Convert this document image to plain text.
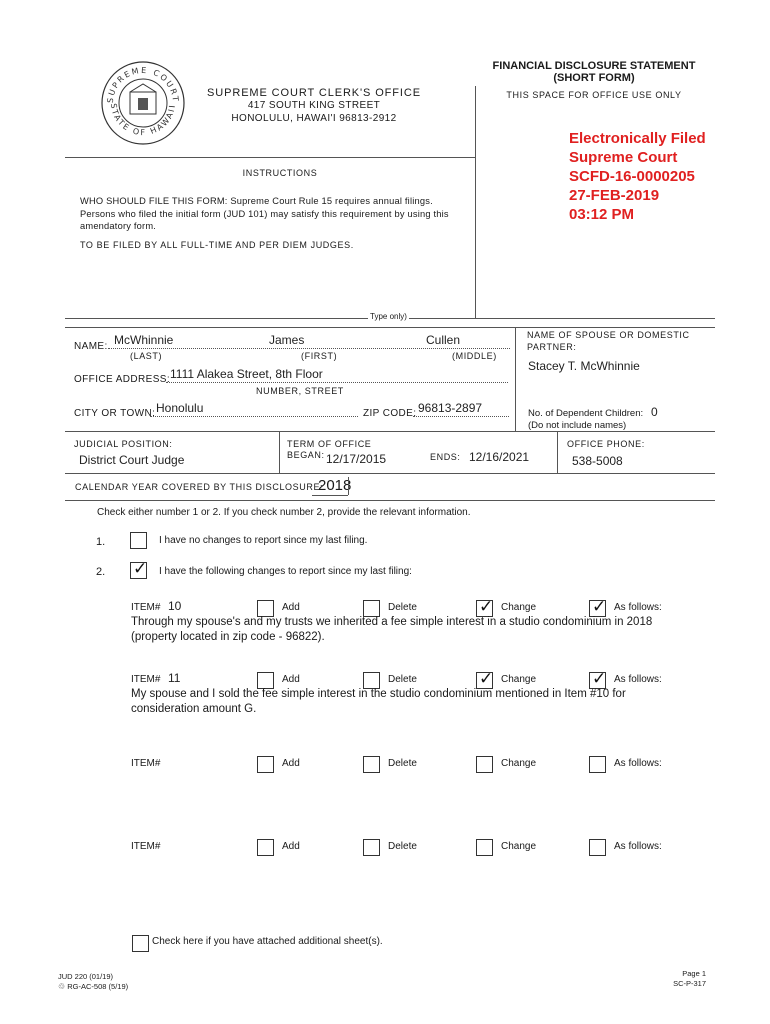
SUPREME COURT
STATE OF HAWAII
FINANCIAL DISCLOSURE STATEMENT
(SHORT FORM)
THIS SPACE FOR OFFICE USE ONLY
SUPREME COURT CLERK'S OFFICE
417 SOUTH KING STREET
HONOLULU, HAWAI'I 96813-2912
Electronically Filed
Supreme Court
SCFD-16-0000205
27-FEB-2019
03:12 PM
INSTRUCTIONS
WHO SHOULD FILE THIS FORM: Supreme Court Rule 15 requires annual filings.
Persons who filed the initial form (JUD 101) may satisfy this requirement by using this
amendatory form.
TO BE FILED BY ALL FULL-TIME AND PER DIEM JUDGES.
Type only)
NAME: McWhinnie	James	Cullen
(LAST)	(FIRST)	(MIDDLE)
NAME OF SPOUSE OR DOMESTIC
PARTNER:
Stacey T. McWhinnie
OFFICE ADDRESS: 1111 Alakea Street, 8th Floor
NUMBER, STREET
CITY OR TOWN: Honolulu	ZIP CODE: 96813-2897	No. of Dependent Children: 0
(Do not include names)
JUDICIAL POSITION:
District Court Judge
TERM OF OFFICE
BEGAN: 12/17/2015	ENDS: 12/16/2021
OFFICE PHONE:
538-5008
CALENDAR YEAR COVERED BY THIS DISCLOSURE:
2018
Check either number 1 or 2. If you check number 2, provide the relevant information.
1.	I have no changes to report since my last filing.
2. ✓ I have the following changes to report since my last filing:
ITEM# 10	Add	Delete	✓ Change	✓ As follows:
Through my spouse's and my trusts we inherited a fee simple interest in a studio condominium in 2018
(property located in zip code - 96822).
ITEM# 11	Add	Delete	✓ Change	✓ As follows:
My spouse and I sold the fee simple interest in the studio condominium mentioned in Item #10 for
consideration amount G.
ITEM#	Add	Delete	Change	As follows:
ITEM#	Add	Delete	Change	As follows:
Check here if you have attached additional sheet(s).
JUD 220 (01/19)
♲ RG-AC-508 (5/19)
Page 1
SC-P-317
